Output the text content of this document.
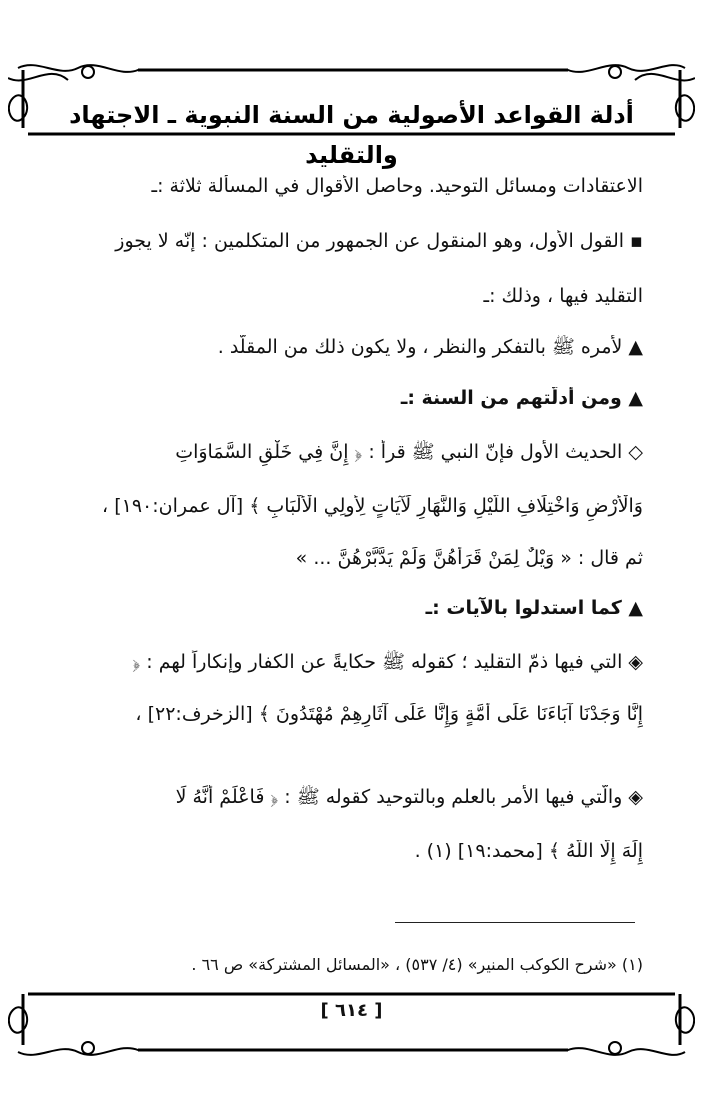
أدلة القواعد الأصولية من السنة النبوية ـ الاجتهاد والتقليد
الاعتقادات ومسائل التوحيد. وحاصل الأقوال في المسألة ثلاثة :ـ
▪ القول الأول، وهو المنقول عن الجمهور من المتكلمين : إنّه لا يجوز
التقليد فيها ، وذلك :ـ
▲ لأمره ﷺ بالتفكر والنظر ، ولا يكون ذلك من المقلّد .
▲ ومن أدلّتهم من السنة :ـ
◇ الحديث الأول فإنّ النبي ﷺ قرأ : ﴿ إِنَّ فِي خَلْقِ السَّمَاوَاتِ
وَالْأَرْضِ وَاخْتِلَافِ اللَّيْلِ وَالنَّهَارِ لَآيَاتٍ لِأُولِي الْأَلْبَابِ ﴾ [آل عمران:١٩٠] ،
ثم قال : « وَيْلٌ لِمَنْ قَرَأَهُنَّ وَلَمْ يَدَّبَّرْهُنَّ ... »
▲ كما استدلوا بالآيات :ـ
◈ التي فيها ذمّ التقليد ؛ كقوله ﷺ حكايةً عن الكفار وإنكاراً لهم : ﴿
إِنَّا وَجَدْنَا آبَاءَنَا عَلَى أُمَّةٍ وَإِنَّا عَلَى آثَارِهِمْ مُهْتَدُونَ ﴾ [الزخرف:٢٢] ،
◈ والّتي فيها الأمر بالعلم وبالتوحيد كقوله ﷺ : ﴿ فَاعْلَمْ أَنَّهُ لَا
إِلَهَ إِلَّا اللَّهُ ﴾ [محمد:١٩] (١) .
(١) «شرح الكوكب المنير» (٤/ ٥٣٧) ، «المسائل المشتركة» ص ٦٦ .
[ ٦١٤ ]
